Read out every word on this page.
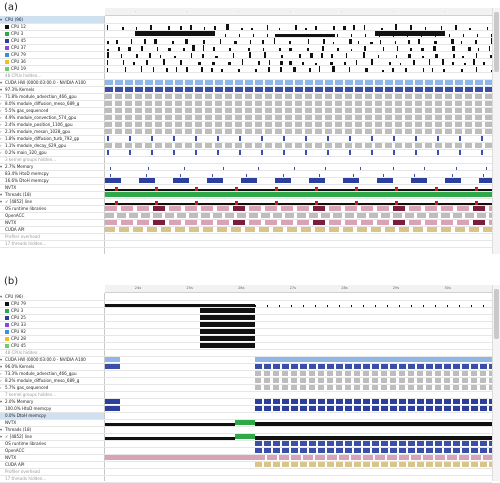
(a)	.	.	.	.	.	.	.
▾ CPU (96)
CPU 12
CPU 3
CPU 45
CPU 37
CPU 79
CPU 36
CPU 19
48 CPUs hidden...
▾ CUDA HW (0000:03:00.0 - NVIDIA A100
▾ 97.3% Kernels
› 71.8% module_advection_466_gpu
› 8.0% module_diffusion_meso_689_g
› 5.5% gas_sequenced
› 4.9% module_convection_574_gpu
› 2.4% module_position_1106_gpu
› 2.3% module_meson_1028_gpu
› 1.8% module_diffusion_turb_792_gp
› 1.1% module_decay_629_gpu
› 0.2% main_320_gpu
3 kernel groups hidden...
▾ 2.7% Memory
83.4% HtoD memcpy
16.6% DtoH memcpy
NVTX
▾ Threads (18)
▾ ✓ [4852] line
OS runtime libraries
OpenACC
NVTX
CUDA API
Profiler overhead
17 threads hidden...
(b)
24s	25s	26s	27s	28s	29s	30s
▾ CPU (96)
CPU 79
CPU 3
CPU 25
CPU 33
CPU 92
CPU 28
CPU 45
48 CPUs hidden...
▾ CUDA HW (0000:03:00.0 - NVIDIA A100
▾ 96.0% Kernels
› 73.3% module_advection_466_gpu
› 8.2% module_diffusion_meso_689_g
› 5.7% gas_sequenced
7 kernel groups hidden...
▾ 2.0% Memory
100.0% HtoD memcpy
0.0% DtoH memcpy
NVTX
▾ Threads (18)
▾ ✓ [4852] line
OS runtime libraries
OpenACC
NVTX
CUDA API
Profiler overhead
17 threads hidden...
